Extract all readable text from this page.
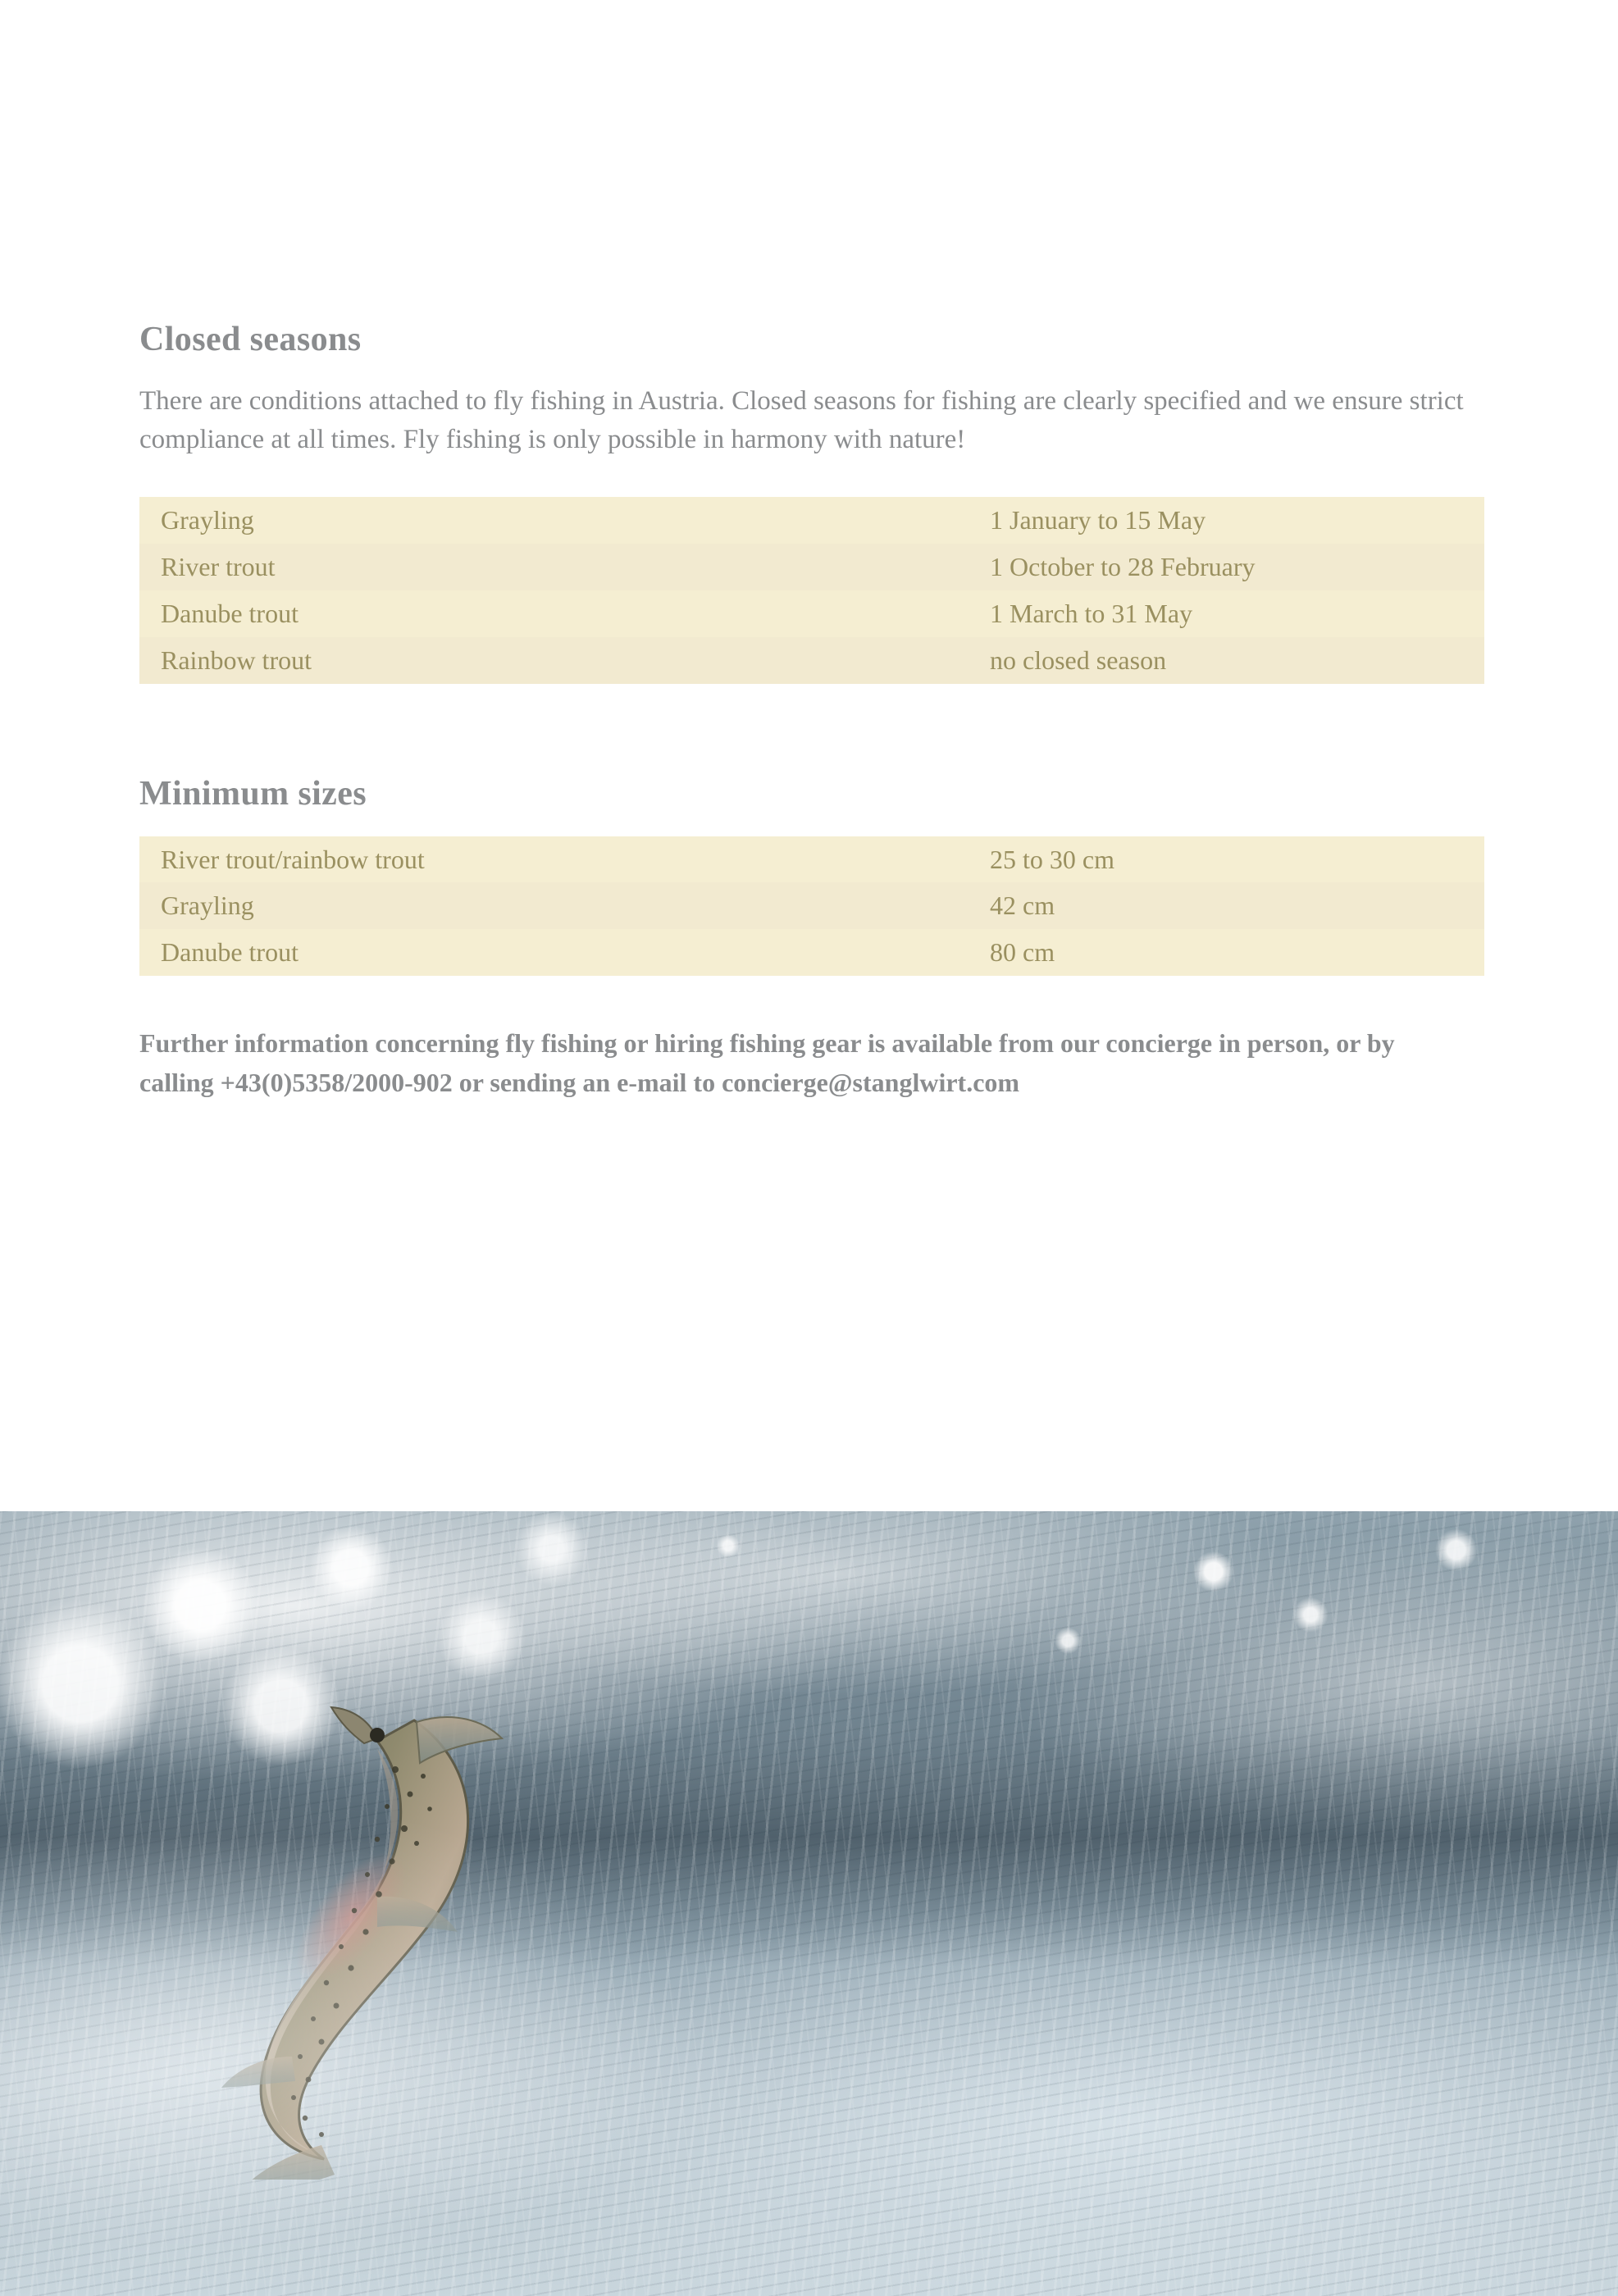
Closed seasons

There are conditions attached to fly fishing in Austria. Closed seasons for fishing are clearly specified and we ensure strict compliance at all times. Fly fishing is only possible in harmony with nature!

Grayling	1 January to 15 May
River trout	1 October to 28 February
Danube trout	1 March to 31 May
Rainbow trout	no closed season
Minimum sizes
River trout/rainbow trout	25 to 30 cm
Grayling	42 cm
Danube trout	80 cm

Further information concerning fly fishing or hiring fishing gear is available from our concierge in person, or by calling +43(0)5358/2000-902 or sending an e-mail to concierge@stanglwirt.com
